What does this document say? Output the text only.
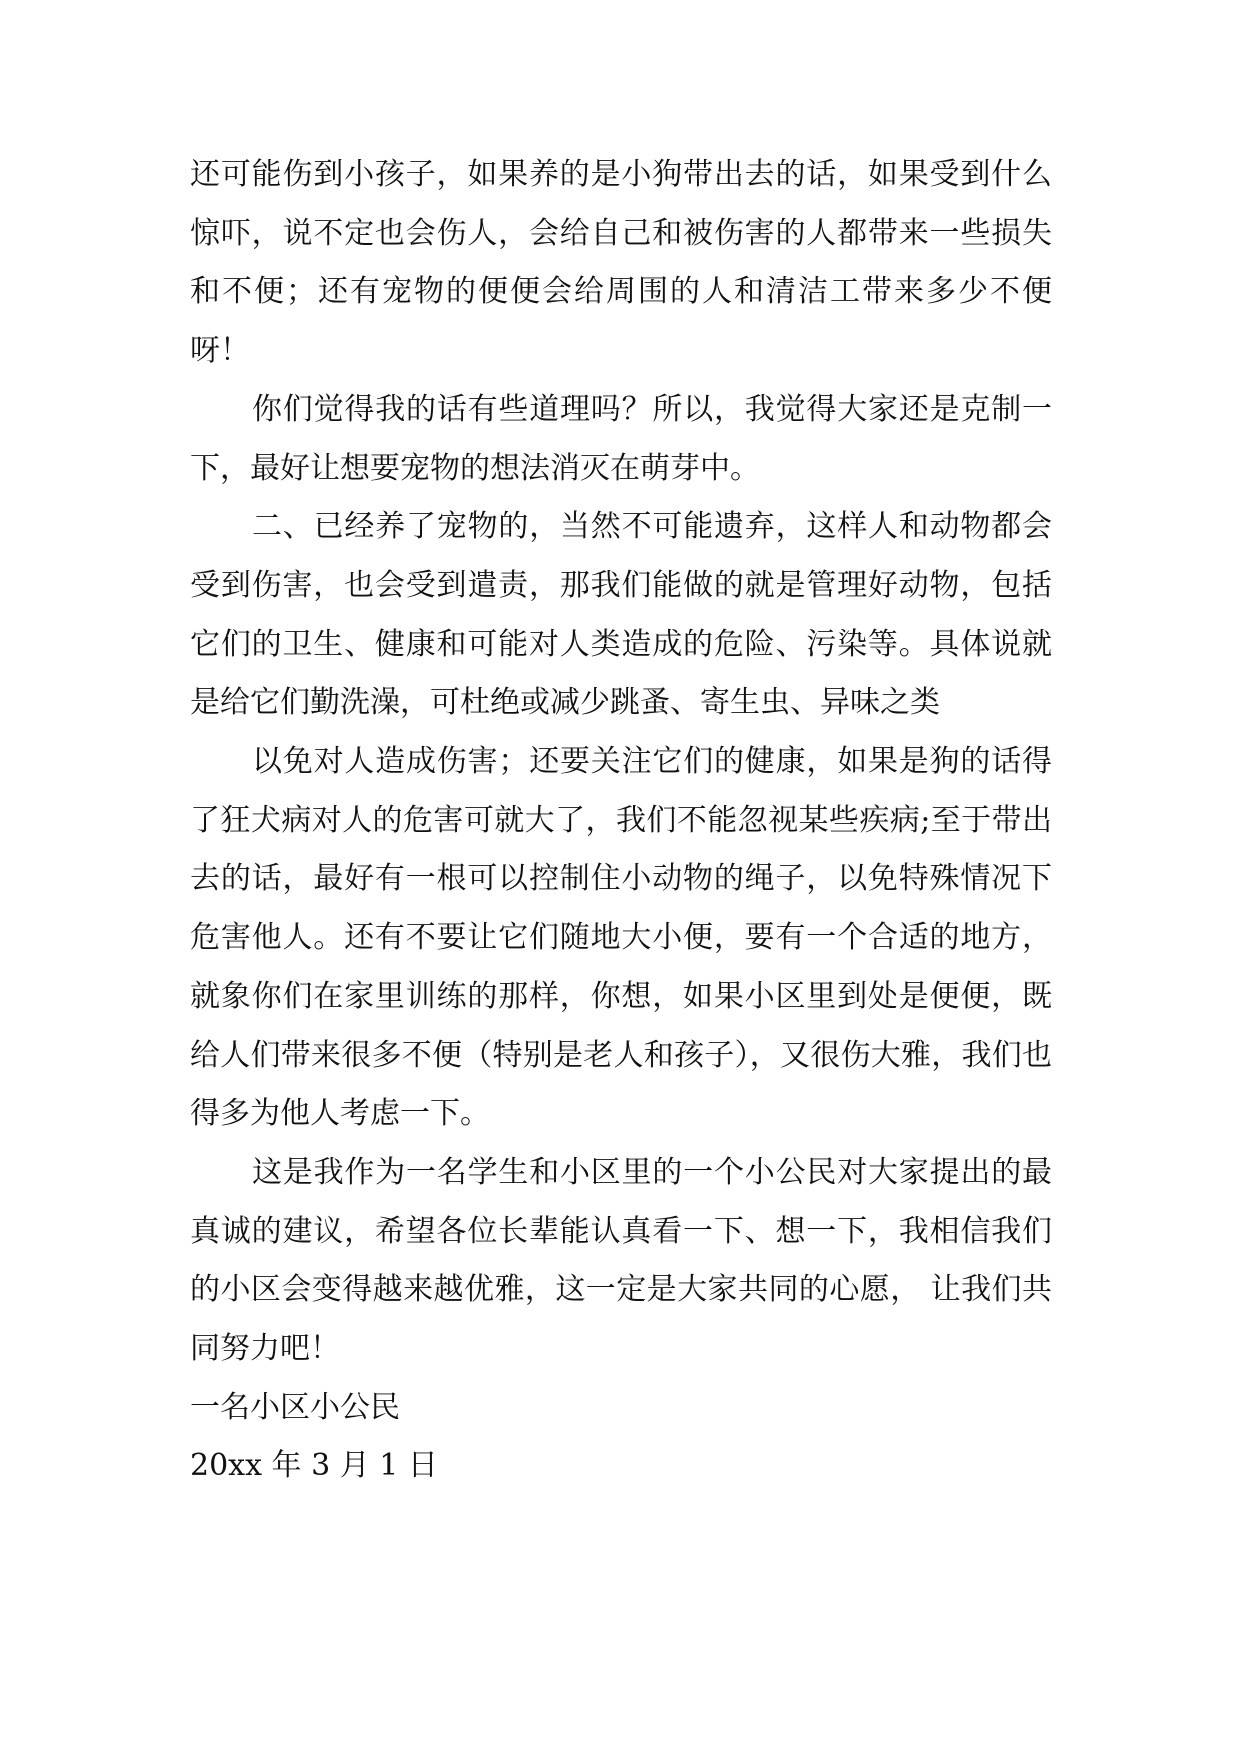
还可能伤到小孩子，如果养的是小狗带出去的话，如果受到什么惊吓，说不定也会伤人，会给自己和被伤害的人都带来一些损失和不便；还有宠物的便便会给周围的人和清洁工带来多少不便呀！

你们觉得我的话有些道理吗？所以，我觉得大家还是克制一下，最好让想要宠物的想法消灭在萌芽中。

二、已经养了宠物的，当然不可能遗弃，这样人和动物都会受到伤害，也会受到遣责，那我们能做的就是管理好动物，包括它们的卫生、健康和可能对人类造成的危险、污染等。具体说就是给它们勤洗澡，可杜绝或减少跳蚤、寄生虫、异味之类

以免对人造成伤害；还要关注它们的健康，如果是狗的话得了狂犬病对人的危害可就大了，我们不能忽视某些疾病;至于带出去的话，最好有一根可以控制住小动物的绳子，以免特殊情况下危害他人。还有不要让它们随地大小便，要有一个合适的地方，就象你们在家里训练的那样，你想，如果小区里到处是便便，既给人们带来很多不便（特别是老人和孩子），又很伤大雅，我们也得多为他人考虑一下。

这是我作为一名学生和小区里的一个小公民对大家提出的最真诚的建议，希望各位长辈能认真看一下、想一下，我相信我们的小区会变得越来越优雅，这一定是大家共同的心愿， 让我们共同努力吧！

一名小区小公民

20xx 年 3 月 1 日
